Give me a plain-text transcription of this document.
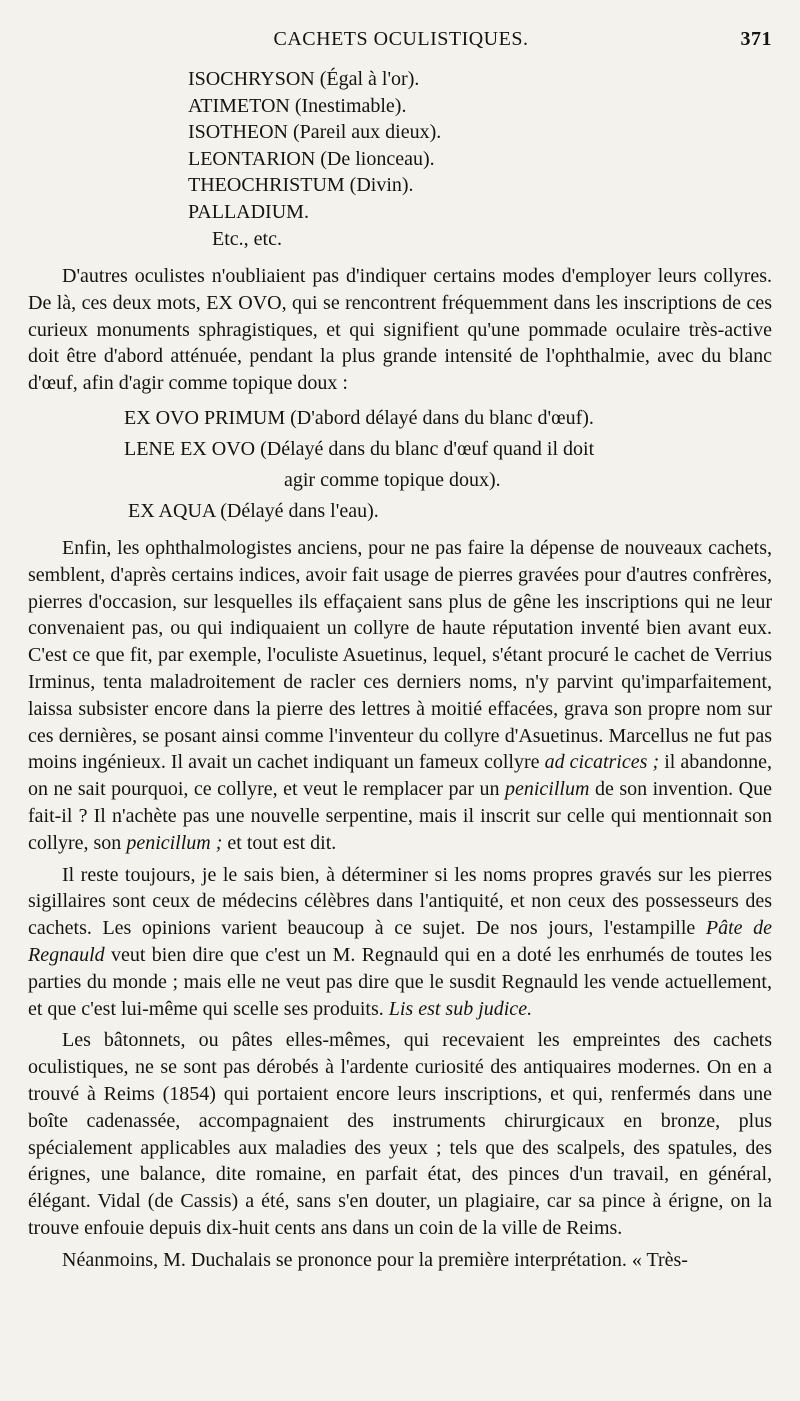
CACHETS OCULISTIQUES.	371
ISOCHRYSON (Égal à l'or).
ATIMETON (Inestimable).
ISOTHEON (Pareil aux dieux).
LEONTARION (De lionceau).
THEOCHRISTUM (Divin).
PALLADIUM.
Etc., etc.

D'autres oculistes n'oubliaient pas d'indiquer certains modes d'employer leurs collyres. De là, ces deux mots, EX OVO, qui se rencontrent fréquemment dans les inscriptions de ces curieux monuments sphragistiques, et qui signifient qu'une pommade oculaire très-active doit être d'abord atténuée, pendant la plus grande intensité de l'ophthalmie, avec du blanc d'œuf, afin d'agir comme topique doux :

EX OVO PRIMUM (D'abord délayé dans du blanc d'œuf).
LENE EX OVO (Délayé dans du blanc d'œuf quand il doit
agir comme topique doux).
EX AQUA (Délayé dans l'eau).

Enfin, les ophthalmologistes anciens, pour ne pas faire la dépense de nouveaux cachets, semblent, d'après certains indices, avoir fait usage de pierres gravées pour d'autres confrères, pierres d'occasion, sur lesquelles ils effaçaient sans plus de gêne les inscriptions qui ne leur convenaient pas, ou qui indiquaient un collyre de haute réputation inventé bien avant eux. C'est ce que fit, par exemple, l'oculiste Asuetinus, lequel, s'étant procuré le cachet de Verrius Irminus, tenta maladroitement de racler ces derniers noms, n'y parvint qu'imparfaitement, laissa subsister encore dans la pierre des lettres à moitié effacées, grava son propre nom sur ces dernières, se posant ainsi comme l'inventeur du collyre d'Asuetinus. Marcellus ne fut pas moins ingénieux. Il avait un cachet indiquant un fameux collyre ad cicatrices ; il abandonne, on ne sait pourquoi, ce collyre, et veut le remplacer par un penicillum de son invention. Que fait-il ? Il n'achète pas une nouvelle serpentine, mais il inscrit sur celle qui mentionnait son collyre, son penicillum ; et tout est dit.

Il reste toujours, je le sais bien, à déterminer si les noms propres gravés sur les pierres sigillaires sont ceux de médecins célèbres dans l'antiquité, et non ceux des possesseurs des cachets. Les opinions varient beaucoup à ce sujet. De nos jours, l'estampille Pâte de Regnauld veut bien dire que c'est un M. Regnauld qui en a doté les enrhumés de toutes les parties du monde ; mais elle ne veut pas dire que le susdit Regnauld les vende actuellement, et que c'est lui-même qui scelle ses produits. Lis est sub judice.

Les bâtonnets, ou pâtes elles-mêmes, qui recevaient les empreintes des cachets oculistiques, ne se sont pas dérobés à l'ardente curiosité des antiquaires modernes. On en a trouvé à Reims (1854) qui portaient encore leurs inscriptions, et qui, renfermés dans une boîte cadenassée, accompagnaient des instruments chirurgicaux en bronze, plus spécialement applicables aux maladies des yeux ; tels que des scalpels, des spatules, des érignes, une balance, dite romaine, en parfait état, des pinces d'un travail, en général, élégant. Vidal (de Cassis) a été, sans s'en douter, un plagiaire, car sa pince à érigne, on la trouve enfouie depuis dix-huit cents ans dans un coin de la ville de Reims.

Néanmoins, M. Duchalais se prononce pour la première interprétation. « Très-
